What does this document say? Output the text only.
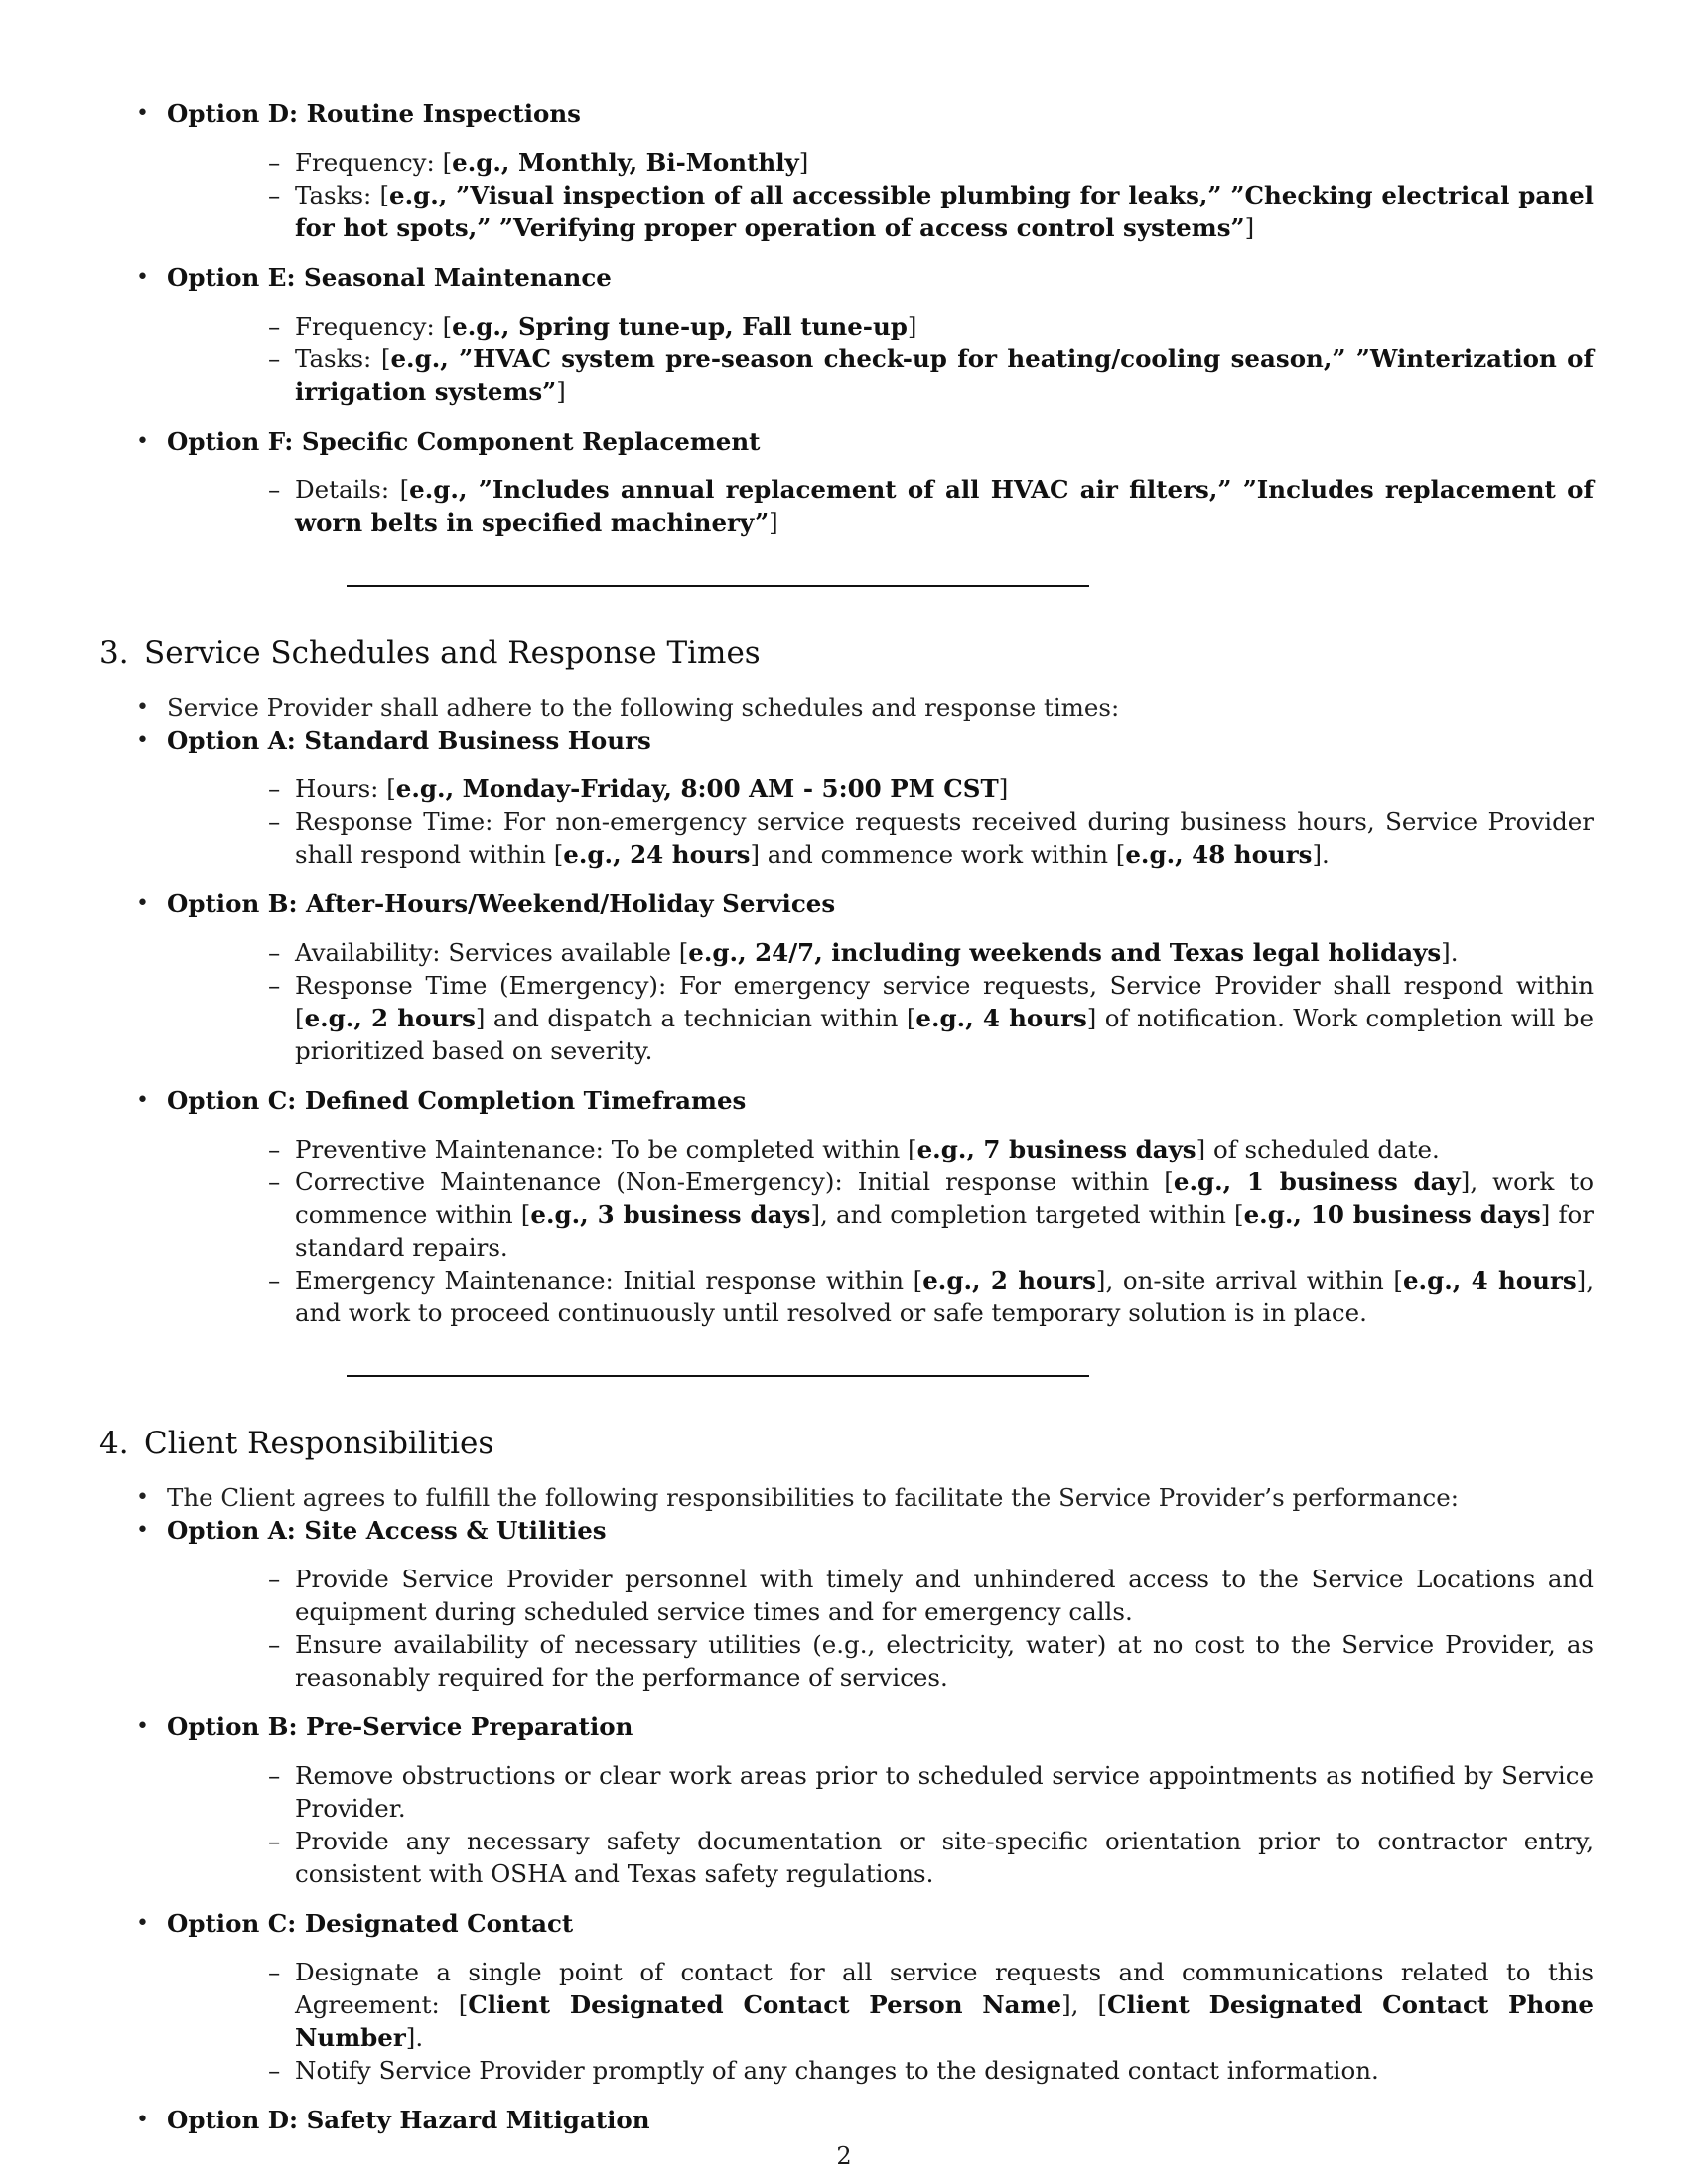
• Option D: Routine Inspections
– Frequency: [e.g., Monthly, Bi-Monthly]
– Tasks: [e.g., ”Visual inspection of all accessible plumbing for leaks,” ”Checking electrical panel for hot spots,” ”Verifying proper operation of access control systems”]
• Option E: Seasonal Maintenance
– Frequency: [e.g., Spring tune-up, Fall tune-up]
– Tasks: [e.g., ”HVAC system pre-season check-up for heating/cooling season,” ”Winterization of irrigation systems”]
• Option F: Specific Component Replacement
– Details: [e.g., ”Includes annual replacement of all HVAC air filters,” ”Includes replacement of worn belts in specified machinery”]
3. Service Schedules and Response Times
• Service Provider shall adhere to the following schedules and response times:
• Option A: Standard Business Hours
– Hours: [e.g., Monday-Friday, 8:00 AM - 5:00 PM CST]
– Response Time: For non-emergency service requests received during business hours, Service Provider shall respond within [e.g., 24 hours] and commence work within [e.g., 48 hours].
• Option B: After-Hours/Weekend/Holiday Services
– Availability: Services available [e.g., 24/7, including weekends and Texas legal holidays].
– Response Time (Emergency): For emergency service requests, Service Provider shall respond within [e.g., 2 hours] and dispatch a technician within [e.g., 4 hours] of notification. Work completion will be prioritized based on severity.
• Option C: Defined Completion Timeframes
– Preventive Maintenance: To be completed within [e.g., 7 business days] of scheduled date.
– Corrective Maintenance (Non-Emergency): Initial response within [e.g., 1 business day], work to commence within [e.g., 3 business days], and completion targeted within [e.g., 10 business days] for standard repairs.
– Emergency Maintenance: Initial response within [e.g., 2 hours], on-site arrival within [e.g., 4 hours], and work to proceed continuously until resolved or safe temporary solution is in place.
4. Client Responsibilities
• The Client agrees to fulfill the following responsibilities to facilitate the Service Provider’s performance:
• Option A: Site Access & Utilities
– Provide Service Provider personnel with timely and unhindered access to the Service Locations and equipment during scheduled service times and for emergency calls.
– Ensure availability of necessary utilities (e.g., electricity, water) at no cost to the Service Provider, as reasonably required for the performance of services.
• Option B: Pre-Service Preparation
– Remove obstructions or clear work areas prior to scheduled service appointments as notified by Service Provider.
– Provide any necessary safety documentation or site-specific orientation prior to contractor entry, consistent with OSHA and Texas safety regulations.
• Option C: Designated Contact
– Designate a single point of contact for all service requests and communications related to this Agreement: [Client Designated Contact Person Name], [Client Designated Contact Phone Number].
– Notify Service Provider promptly of any changes to the designated contact information.
• Option D: Safety Hazard Mitigation
2
